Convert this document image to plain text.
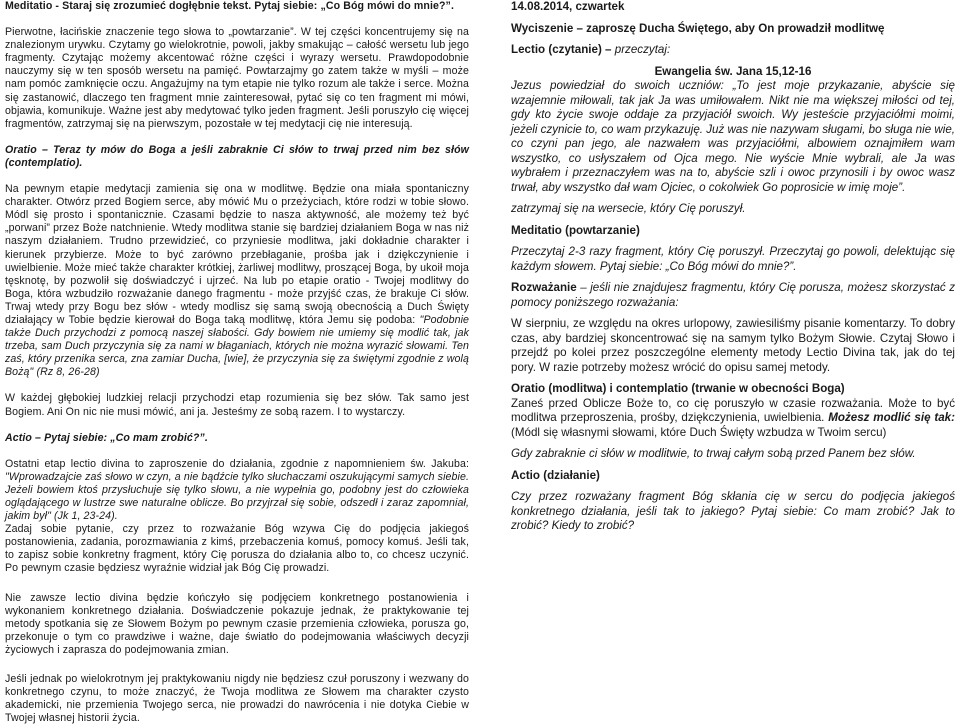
Meditatio - Staraj się zrozumieć dogłębnie tekst. Pytaj siebie: „Co Bóg mówi do mnie?”.

Pierwotne, łacińskie znaczenie tego słowa to „powtarzanie”. W tej części koncentrujemy się na znalezionym urywku. Czytamy go wielokrotnie, powoli, jakby smakując – całość wersetu lub jego fragmenty. Czytając możemy akcentować różne części i wyrazy wersetu. Prawdopodobnie nauczymy się w ten sposób wersetu na pamięć. Powtarzajmy go zatem także w myśli – może nam pomóc zamknięcie oczu. Angażujmy na tym etapie nie tylko rozum ale także i serce. Można się zastanowić, dlaczego ten fragment mnie zainteresował, pytać się co ten fragment mi mówi, objawia, komunikuje. Ważne jest aby medytować tylko jeden fragment. Jeśli poruszyło cię więcej fragmentów, zatrzymaj się na pierwszym, pozostałe w tej medytacji cię nie interesują.

Oratio – Teraz ty mów do Boga a jeśli zabraknie Ci słów to trwaj przed nim bez słów (contemplatio).

Na pewnym etapie medytacji zamienia się ona w modlitwę. Będzie ona miała spontaniczny charakter. Otwórz przed Bogiem serce, aby mówić Mu o przeżyciach, które rodzi w tobie słowo. Módl się prosto i spontanicznie. Czasami będzie to nasza aktywność, ale możemy też być „porwani” przez Boże natchnienie. Wtedy modlitwa stanie się bardziej działaniem Boga w nas niż naszym działaniem. Trudno przewidzieć, co przyniesie modlitwa, jaki dokładnie charakter i kierunek przybierze. Może to być zarówno przebłaganie, prośba jak i dziękczynienie i uwielbienie. Może mieć także charakter krótkiej, żarliwej modlitwy, proszącej Boga, by ukoił moja tęsknotę, by pozwolił się doświadczyć i ujrzeć. Na lub po etapie oratio - Twojej modlitwy do Boga, która wzbudziło rozważanie danego fragmentu - może przyjść czas, że brakuje Ci słów. Trwaj wtedy przy Bogu bez słów - wtedy modlisz się samą swoją obecnością a Duch Święty działający w Tobie będzie kierował do Boga taką modlitwę, która Jemu się podoba: "Podobnie także Duch przychodzi z pomocą naszej słabości. Gdy bowiem nie umiemy się modlić tak, jak trzeba, sam Duch przyczynia się za nami w błaganiach, których nie można wyrazić słowami. Ten zaś, który przenika serca, zna zamiar Ducha, [wie], że przyczynia się za świętymi zgodnie z wolą Bożą" (Rz 8, 26-28)

W każdej głębokiej ludzkiej relacji przychodzi etap rozumienia się bez słów. Tak samo jest Bogiem. Ani On nic nie musi mówić, ani ja. Jesteśmy ze sobą razem. I to wystarczy.

Actio – Pytaj siebie: „Co mam zrobić?”.

Ostatni etap lectio divina to zaproszenie do działania, zgodnie z napomnieniem św. Jakuba: "Wprowadzajcie zaś słowo w czyn, a nie bądźcie tylko słuchaczami oszukującymi samych siebie. Jeżeli bowiem ktoś przysłuchuje się tylko słowu, a nie wypełnia go, podobny jest do człowieka oglądającego w lustrze swe naturalne oblicze. Bo przyjrzał się sobie, odszedł i zaraz zapomniał, jakim był" (Jk 1, 23-24).

Zadaj sobie pytanie, czy przez to rozważanie Bóg wzywa Cię do podjęcia jakiegoś postanowienia, zadania, porozmawiania z kimś, przebaczenia komuś, pomocy komuś. Jeśli tak, to zapisz sobie konkretny fragment, który Cię porusza do działania albo to, co chcesz uczynić. Po pewnym czasie będziesz wyraźnie widział jak Bóg Cię prowadzi.

Nie zawsze lectio divina będzie kończyło się podjęciem konkretnego postanowienia i wykonaniem konkretnego działania. Doświadczenie pokazuje jednak, że praktykowanie tej metody spotkania się ze Słowem Bożym po pewnym czasie przemienia człowieka, porusza go, przekonuje o tym co prawdziwe i ważne, daje światło do podejmowania właściwych decyzji życiowych i zaprasza do podejmowania zmian.

Jeśli jednak po wielokrotnym jej praktykowaniu nigdy nie będziesz czuł poruszony i wezwany do konkretnego czynu, to może znaczyć, że Twoja modlitwa ze Słowem ma charakter czysto akademicki, nie przemienia Twojego serca, nie prowadzi do nawrócenia i nie dotyka Ciebie w Twojej własnej historii życia.

14.08.2014, czwartek

Wyciszenie – zaproszę Ducha Świętego, aby On prowadził modlitwę

Lectio (czytanie) – przeczytaj:

Ewangelia św. Jana 15,12-16

Jezus powiedział do swoich uczniów: „To jest moje przykazanie, abyście się wzajemnie miłowali, tak jak Ja was umiłowałem. Nikt nie ma większej miłości od tej, gdy kto życie swoje oddaje za przyjaciół swoich. Wy jesteście przyjaciółmi moimi, jeżeli czynicie to, co wam przykazuję. Już was nie nazywam sługami, bo sługa nie wie, co czyni pan jego, ale nazwałem was przyjaciółmi, albowiem oznajmiłem wam wszystko, co usłyszałem od Ojca mego. Nie wyście Mnie wybrali, ale Ja was wybrałem i przeznaczyłem was na to, abyście szli i owoc przynosili i by owoc wasz trwał, aby wszystko dał wam Ojciec, o cokolwiek Go poprosicie w imię moje”.

zatrzymaj się na wersecie, który Cię poruszył.

Meditatio (powtarzanie)

Przeczytaj 2-3 razy fragment, który Cię poruszył. Przeczytaj go powoli, delektując się każdym słowem. Pytaj siebie: „Co Bóg mówi do mnie?”.

Rozważanie – jeśli nie znajdujesz fragmentu, który Cię porusza, możesz skorzystać z pomocy poniższego rozważania:

W sierpniu, ze względu na okres urlopowy, zawiesiliśmy pisanie komentarzy. To dobry czas, aby bardziej skoncentrować się na samym tylko Bożym Słowie. Czytaj Słowo i przejdź po kolei przez poszczególne elementy metody Lectio Divina tak, jak do tej pory. W razie potrzeby możesz wrócić do opisu samej metody.

Oratio (modlitwa) i contemplatio (trwanie w obecności Boga)

Zaneś przed Oblicze Boże to, co cię poruszyło w czasie rozważania. Może to być modlitwa przeproszenia, prośby, dziękczynienia, uwielbienia. Możesz modlić się tak: (Módl się własnymi słowami, które Duch Święty wzbudza w Twoim sercu)

Gdy zabraknie ci słów w modlitwie, to trwaj całym sobą przed Panem bez słów.

Actio (działanie)

Czy przez rozważany fragment Bóg skłania cię w sercu do podjęcia jakiegoś konkretnego działania, jeśli tak to jakiego? Pytaj siebie: Co mam zrobić? Jak to zrobić? Kiedy to zrobić?
